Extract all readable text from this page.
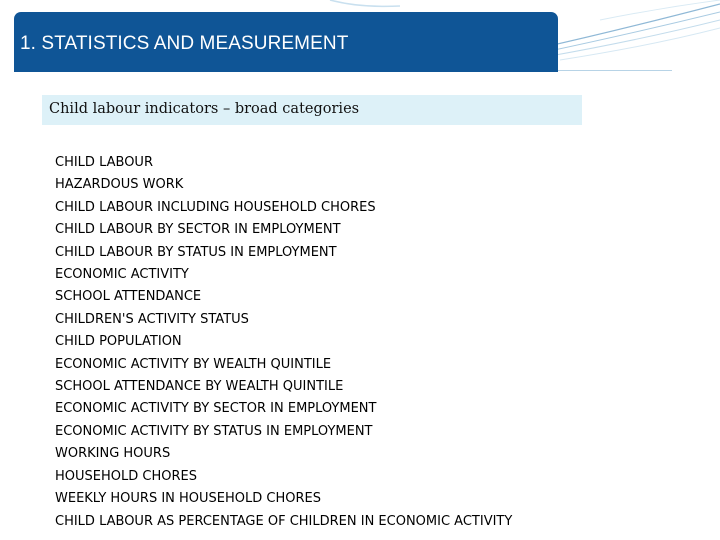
1. STATISTICS AND MEASUREMENT
Child labour indicators – broad categories
CHILD LABOUR
HAZARDOUS WORK
CHILD LABOUR INCLUDING HOUSEHOLD CHORES
CHILD LABOUR BY SECTOR IN EMPLOYMENT
CHILD LABOUR BY STATUS IN EMPLOYMENT
ECONOMIC ACTIVITY
SCHOOL ATTENDANCE
CHILDREN'S ACTIVITY STATUS
CHILD POPULATION
ECONOMIC ACTIVITY BY WEALTH QUINTILE
SCHOOL ATTENDANCE BY WEALTH QUINTILE
ECONOMIC ACTIVITY BY SECTOR IN EMPLOYMENT
ECONOMIC ACTIVITY BY STATUS IN EMPLOYMENT
WORKING HOURS
HOUSEHOLD CHORES
WEEKLY HOURS IN HOUSEHOLD CHORES
CHILD LABOUR AS PERCENTAGE OF CHILDREN IN ECONOMIC ACTIVITY
